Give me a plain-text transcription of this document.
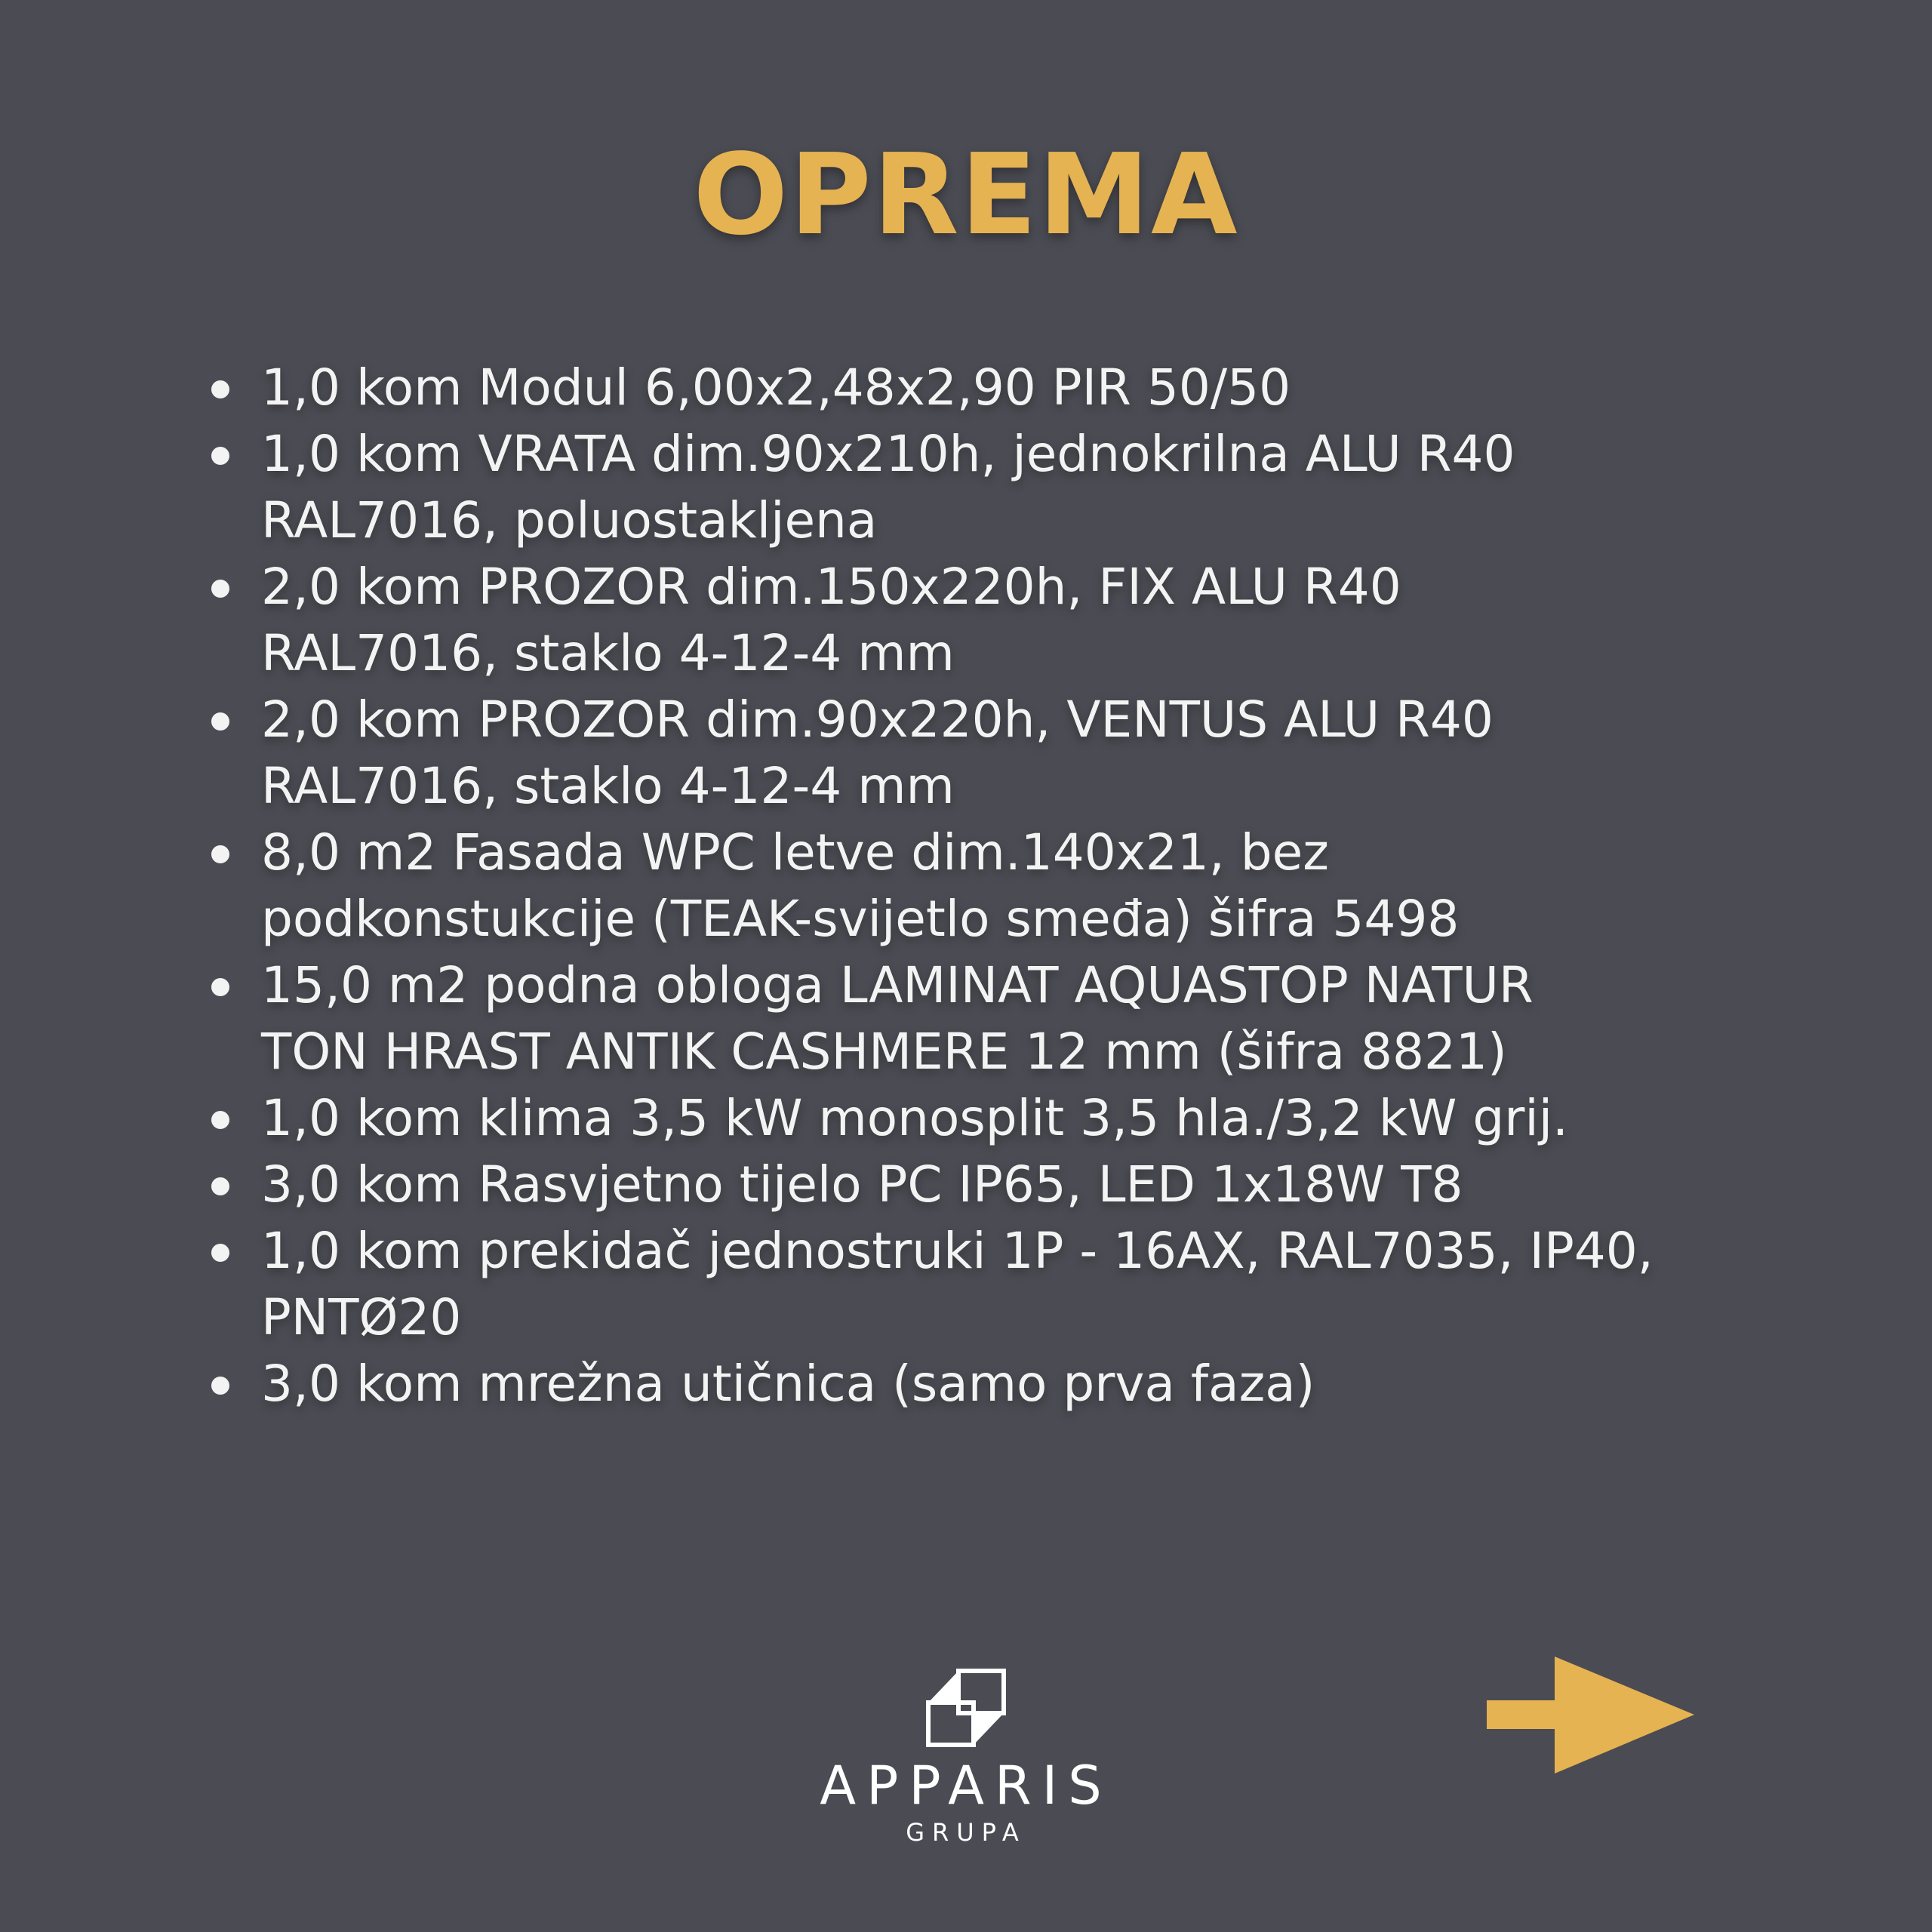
OPREMA
1,0 kom Modul 6,00x2,48x2,90 PIR 50/50
1,0 kom VRATA dim.90x210h, jednokrilna ALU R40
RAL7016, poluostakljena
2,0 kom PROZOR dim.150x220h, FIX ALU R40
RAL7016, staklo 4-12-4 mm
2,0 kom PROZOR dim.90x220h, VENTUS ALU R40
RAL7016, staklo 4-12-4 mm
8,0 m2 Fasada WPC letve dim.140x21, bez
podkonstukcije (TEAK-svijetlo smeđa) šifra 5498
15,0 m2 podna obloga LAMINAT AQUASTOP NATUR
TON HRAST ANTIK CASHMERE 12 mm (šifra 8821)
1,0 kom klima 3,5 kW monosplit 3,5 hla./3,2 kW grij.
3,0 kom Rasvjetno tijelo PC IP65, LED 1x18W T8
1,0 kom prekidač jednostruki 1P - 16AX, RAL7035, IP40,
PNTØ20
3,0 kom mrežna utičnica (samo prva faza)
APPARIS
GRUPA
